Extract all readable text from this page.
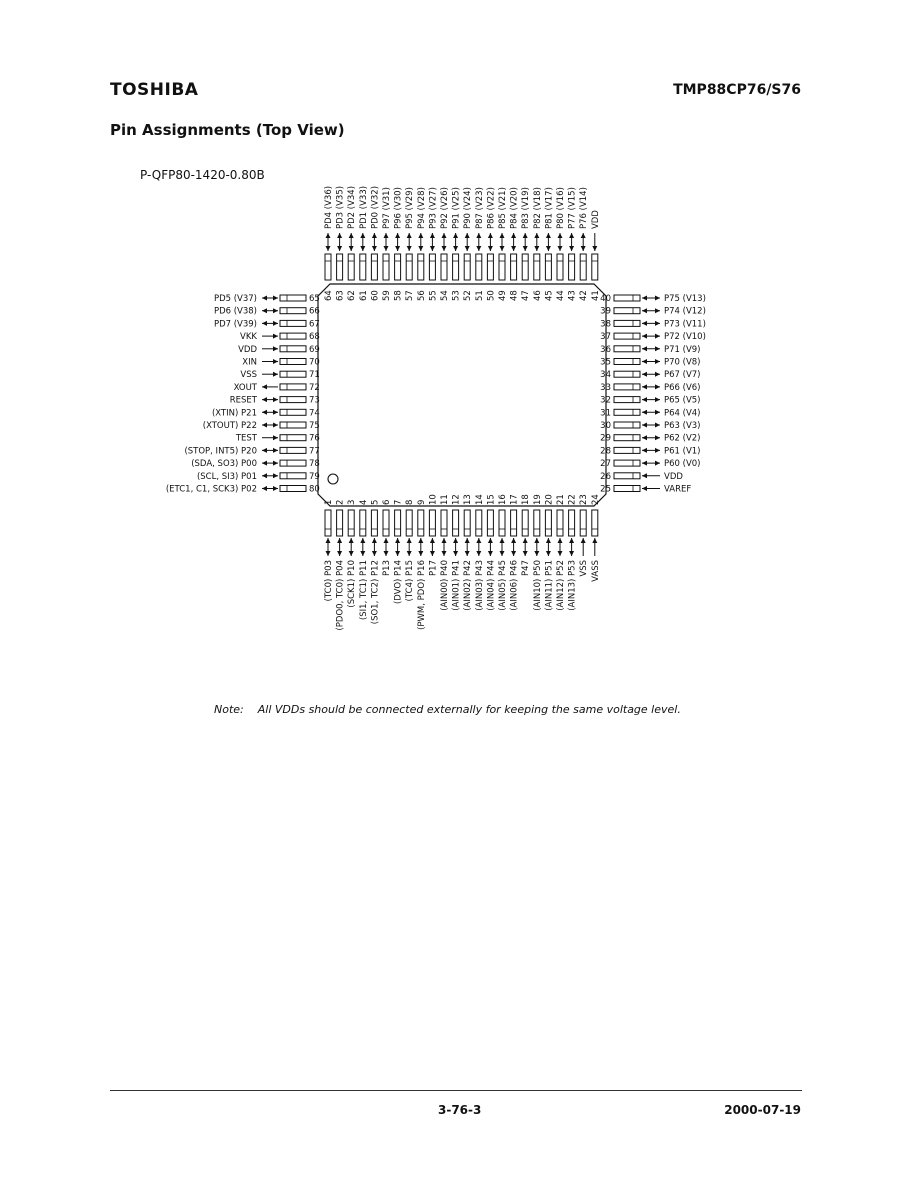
TOSHIBA	TMP88CP76/S76
Pin Assignments (Top View)
P-QFP80-1420-0.80B
65
PD5 (V37)
66
PD6 (V38)
67
PD7 (V39)
68
VKK
69
VDD
70
XIN
71
VSS
72
XOUT
73
RESET
74
(XTIN) P21
75
(XTOUT) P22
76
TEST
77
(STOP, INT5) P20
78
(SDA, SO3) P00
79
(SCL, SI3) P01
80
(ETC1, C1, SCK3) P02
40	P75 (V13)
39	P74 (V12)
38	P73 (V11)
37	P72 (V10)
36	P71 (V9)
35	P70 (V8)
34	P67 (V7)
33	P66 (V6)
32	P65 (V5)
31	P64 (V4)
30	P63 (V3)
29	P62 (V2)
28	P61 (V1)
27	P60 (V0)
26	VDD
25	VAREF
64
PD4 (V36)
63
PD3 (V35)
62
PD2 (V34)
61
PD1 (V33)
60
PD0 (V32)
59
P97 (V31)
58
P96 (V30)
57
P95 (V29)
56
P94 (V28)
55
P93 (V27)
54
P92 (V26)
53
P91 (V25)
52
P90 (V24)
51
P87 (V23)
50
P86 (V22)
49
P85 (V21)
48
P84 (V20)
47
P83 (V19)
46
P82 (V18)
45
P81 (V17)
44
P80 (V16)
43
P77 (V15)
42
P76 (V14)
41
VDD
1
(TC0) P03
2
(PDO0, TC0) P04
3
(SCK1) P10
4
(SI1, TC1) P11
5
(SO1, TC2) P12
6
P13
7
(DVO) P14
8
(TC4) P15
9
(PWM, PDO) P16
10
P17
11
(AIN00) P40
12
(AIN01) P41
13
(AIN02) P42
14
(AIN03) P43
15
(AIN04) P44
16
(AIN05) P45
17
(AIN06) P46
18
P47
19
(AIN10) P50
20
(AIN11) P51
21
(AIN12) P52
22
(AIN13) P53
23
VSS
24
VASS
Note: All VDDs should be connected externally for keeping the same voltage level.
3-76-3	2000-07-19
